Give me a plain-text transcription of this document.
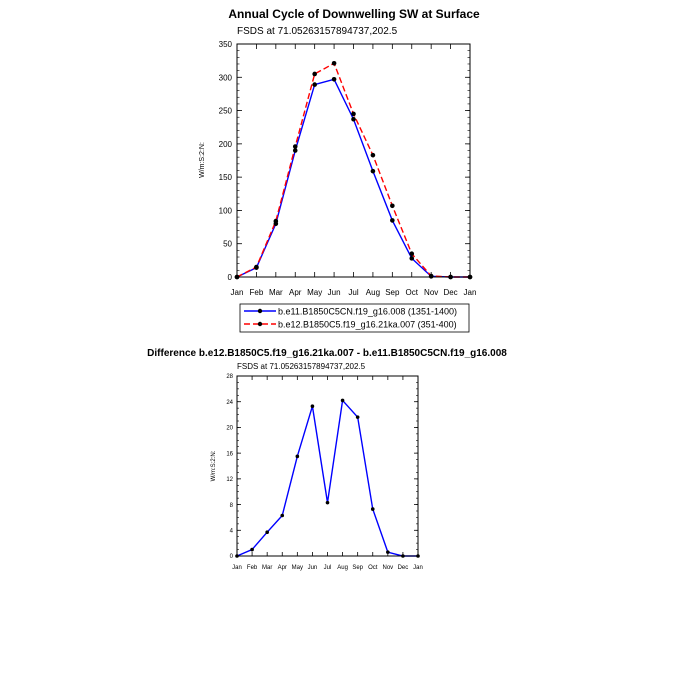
Annual Cycle of Downwelling SW at Surface
FSDS at 71.05263157894737,202.5
W/m:S:2:N:
0
50
100
150
200
250
300
350
Jan Feb Mar Apr May Jun Jul Aug Sep Oct Nov Dec Jan
b.e11.B1850C5CN.f19_g16.008 (1351-1400)
b.e12.B1850C5.f19_g16.21ka.007 (351-400)
Difference b.e12.B1850C5.f19_g16.21ka.007 - b.e11.B1850C5CN.f19_g16.008
FSDS at 71.05263157894737,202.5
W/m:S:2:N:
0
4
8
12
16
20
24
28
Jan Feb Mar Apr May Jun Jul Aug Sep Oct Nov Dec Jan
